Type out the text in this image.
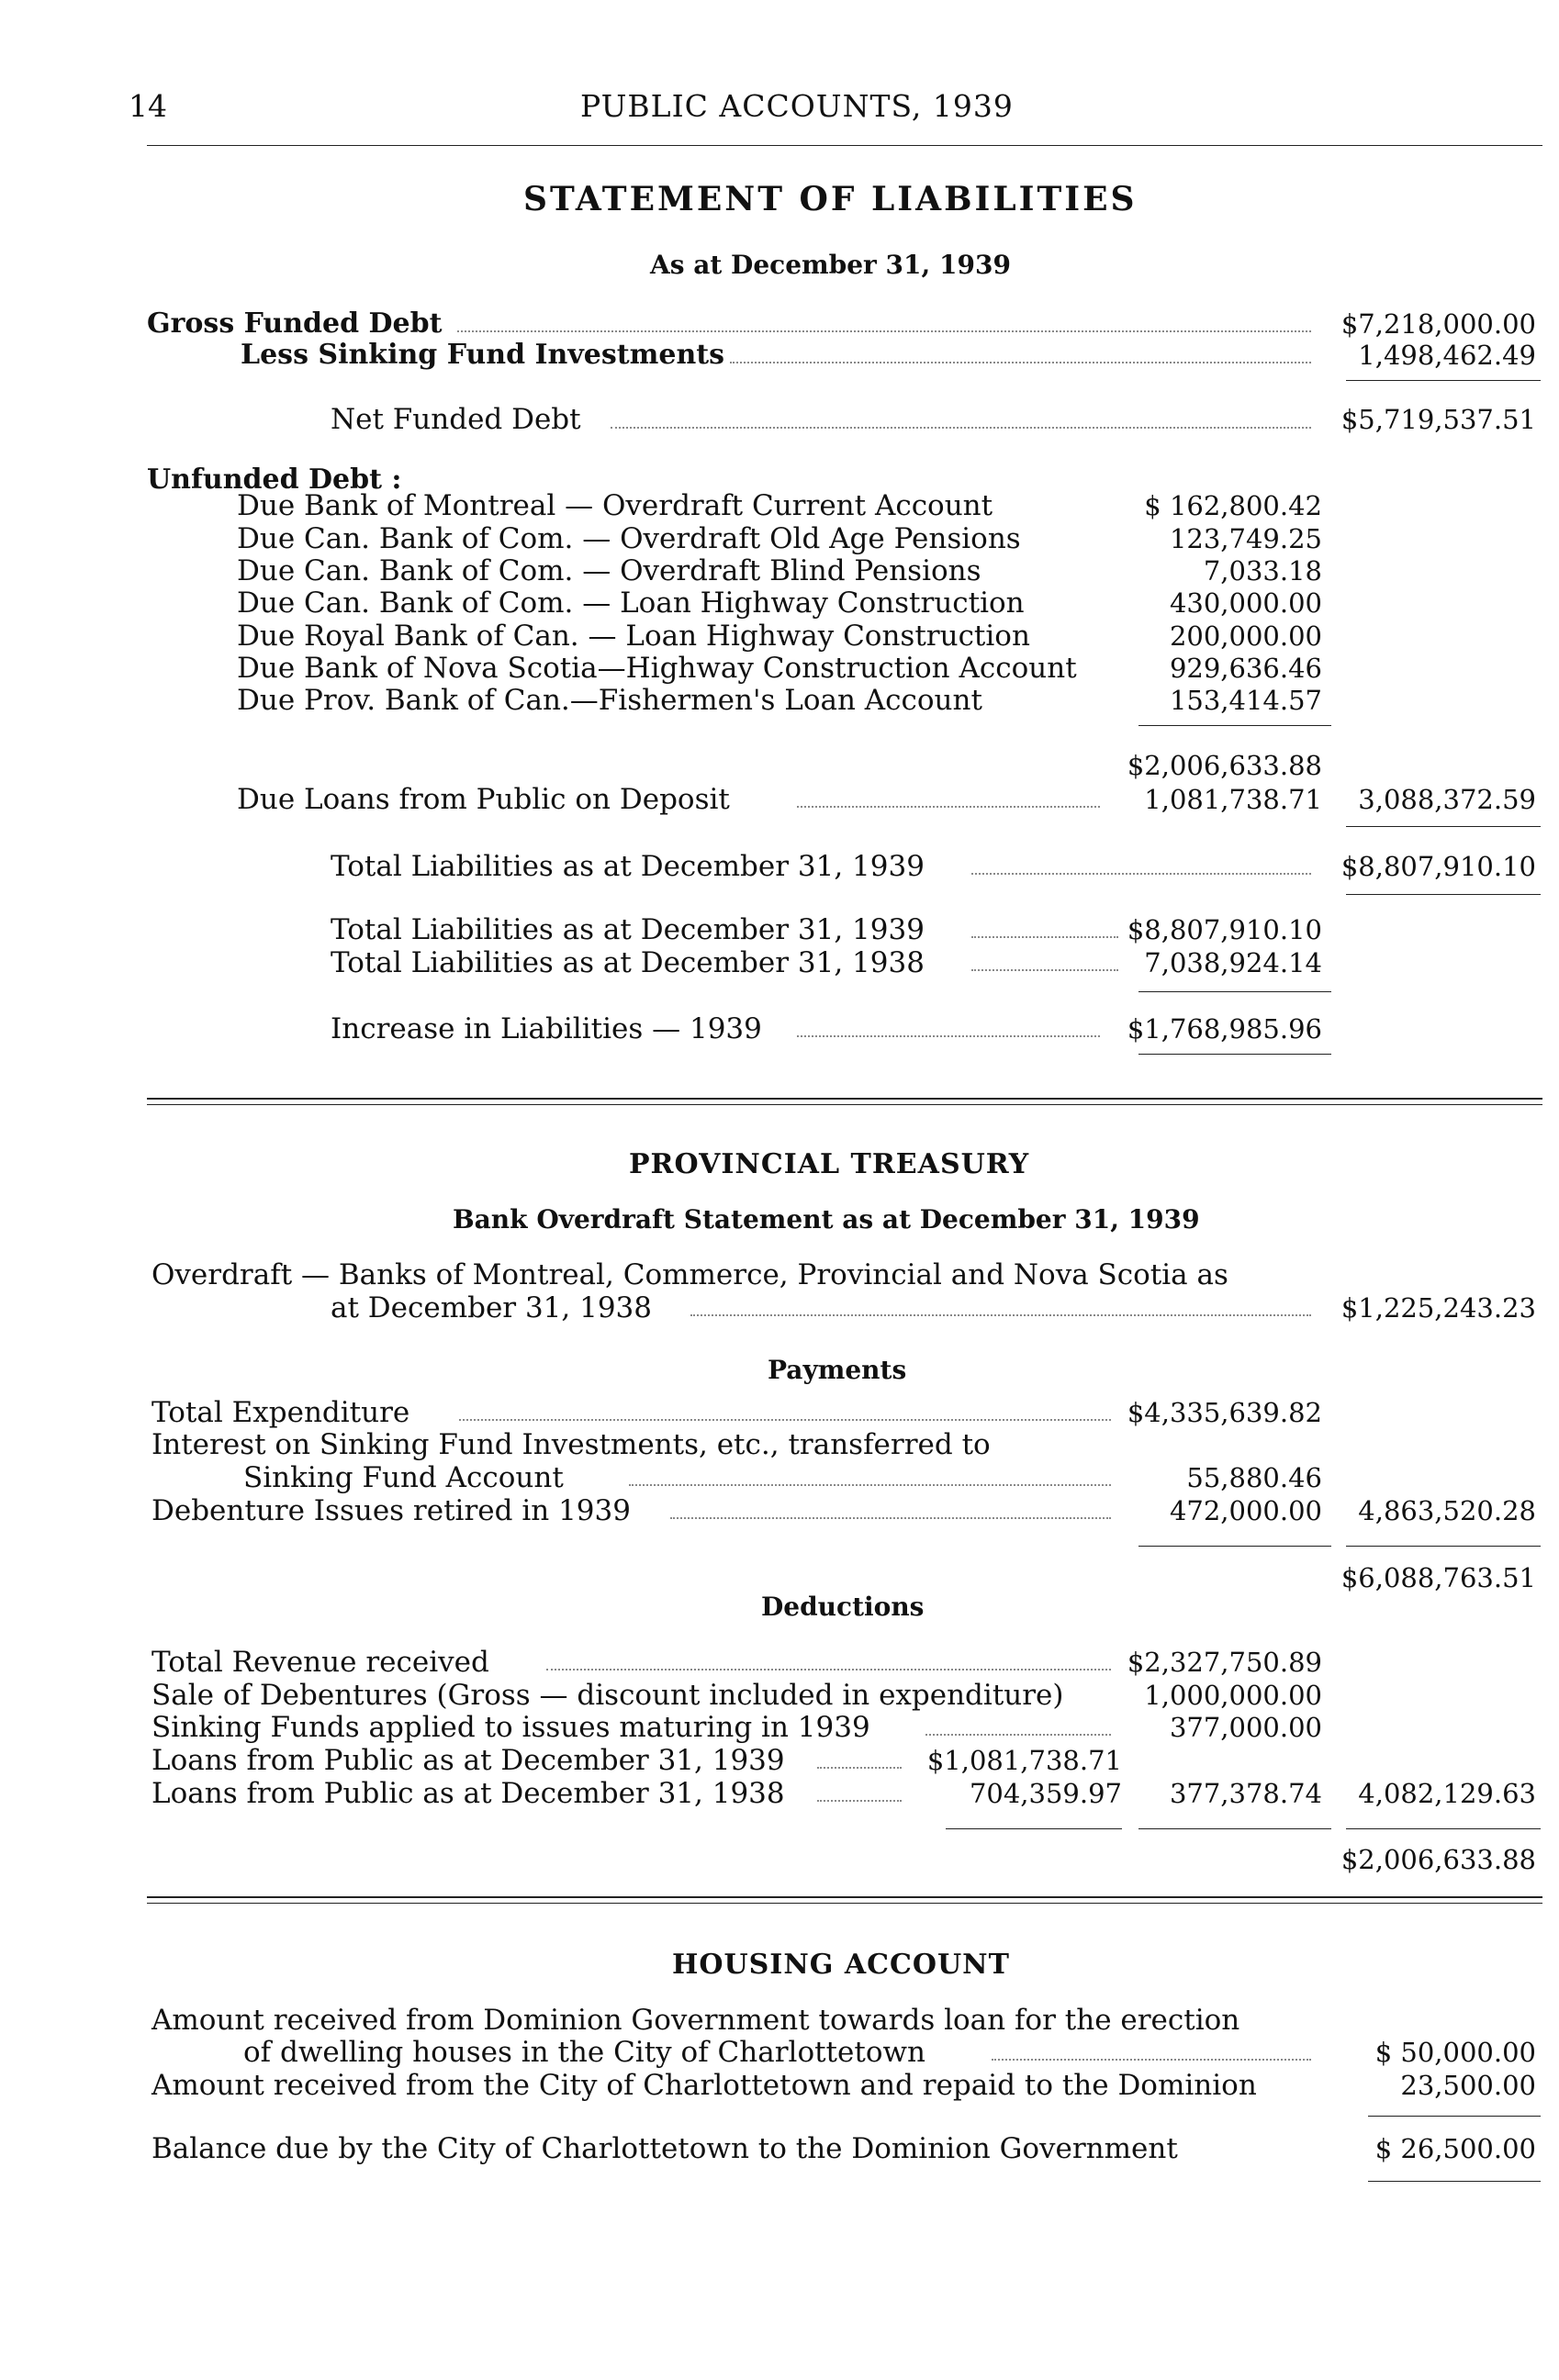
14	PUBLIC ACCOUNTS, 1939
STATEMENT OF LIABILITIES
As at December 31, 1939
Gross Funded Debt	$7,218,000.00
Less Sinking Fund Investments	1,498,462.49
Net Funded Debt	$5,719,537.51
Unfunded Debt :
Due Bank of Montreal — Overdraft Current Account	$ 162,800.42
Due Can. Bank of Com. — Overdraft Old Age Pensions	123,749.25
Due Can. Bank of Com. — Overdraft Blind Pensions	7,033.18
Due Can. Bank of Com. — Loan Highway Construction	430,000.00
Due Royal Bank of Can. — Loan Highway Construction	200,000.00
Due Bank of Nova Scotia—Highway Construction Account	929,636.46
Due Prov. Bank of Can.—Fishermen's Loan Account	153,414.57
$2,006,633.88
Due Loans from Public on Deposit	1,081,738.71 3,088,372.59
Total Liabilities as at December 31, 1939	$8,807,910.10
Total Liabilities as at December 31, 1939	$8,807,910.10
Total Liabilities as at December 31, 1938	7,038,924.14
Increase in Liabilities — 1939	$1,768,985.96
PROVINCIAL TREASURY
Bank Overdraft Statement as at December 31, 1939
Overdraft — Banks of Montreal, Commerce, Provincial and Nova Scotia as
at December 31, 1938	$1,225,243.23
Payments
Total Expenditure	$4,335,639.82
Interest on Sinking Fund Investments, etc., transferred to
Sinking Fund Account	55,880.46
Debenture Issues retired in 1939	472,000.00 4,863,520.28
$6,088,763.51
Deductions
Total Revenue received	$2,327,750.89
Sale of Debentures (Gross — discount included in expenditure)	1,000,000.00
Sinking Funds applied to issues maturing in 1939	377,000.00
Loans from Public as at December 31, 1939	$1,081,738.71
Loans from Public as at December 31, 1938	704,359.97 377,378.74 4,082,129.63
$2,006,633.88
HOUSING ACCOUNT
Amount received from Dominion Government towards loan for the erection
of dwelling houses in the City of Charlottetown	$ 50,000.00
Amount received from the City of Charlottetown and repaid to the Dominion	23,500.00
Balance due by the City of Charlottetown to the Dominion Government	$ 26,500.00
